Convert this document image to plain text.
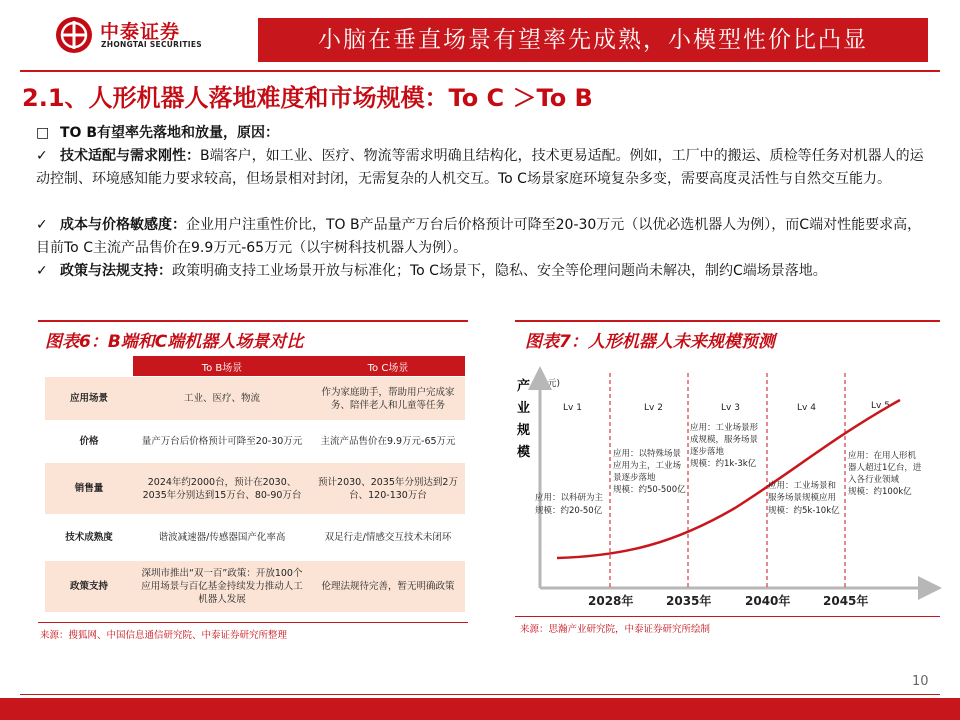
中泰证券
ZHONGTAI SECURITIES	小脑在垂直场景有望率先成熟，小模型性价比凸显
2.1、人形机器人落地难度和市场规模：To C ＞To B
□ TO B有望率先落地和放量，原因：
✓ 技术适配与需求刚性：B端客户，如工业、医疗、物流等需求明确且结构化，技术更易适配。例如，工厂中的搬运、质检等任务对机器人的运动控制、环境感知能力要求较高，但场景相对封闭，无需复杂的人机交互。To C场景家庭环境复杂多变，需要高度灵活性与自然交互能力。
✓ 成本与价格敏感度：企业用户注重性价比，TO B产品量产万台后价格预计可降至20-30万元（以优必选机器人为例），而C端对性能要求高，目前To C主流产品售价在9.9万元-65万元（以宇树科技机器人为例）。
✓ 政策与法规支持：政策明确支持工业场景开放与标准化；To C场景下，隐私、安全等伦理问题尚未解决，制约C端场景落地。
图表6：B端和C端机器人场景对比
	To B场景	To C场景
应用场景	工业、医疗、物流	作为家庭助手，帮助用户完成家务、陪伴老人和儿童等任务
价格	量产万台后价格预计可降至20-30万元	主流产品售价在9.9万元-65万元
销售量	2024年约2000台，预计在2030、2035年分别达到15万台、80-90万台	预计2030、2035年分别达到2万台、120-130万台
技术成熟度	谐波减速器/传感器国产化率高	双足行走/情感交互技术未闭环
政策支持	深圳市推出“双一百”政策：开放100个应用场景与百亿基金持续发力推动人工机器人发展	伦理法规待完善，暂无明确政策
来源：搜狐网、中国信息通信研究院、中泰证券研究所整理
图表7：人形机器人未来规模预测
产
业
规
模
(亿元)
Lv 1	Lv 2	Lv 3	Lv 4	Lv 5
应用：以科研为主
规模：约20-50亿
应用：以特殊场景
应用为主，工业场
景逐步落地
规模：约50-500亿
应用：工业场景形
成规模，服务场景
逐步落地
规模：约1k-3k亿
应用：工业场景和
服务场景规模应用
规模：约5k-10k亿
应用：在用人形机
器人超过1亿台，进
入各行业领域
规模：约100k亿
2028年	2035年	2040年	2045年
来源：思瀚产业研究院，中泰证券研究所绘制
10
